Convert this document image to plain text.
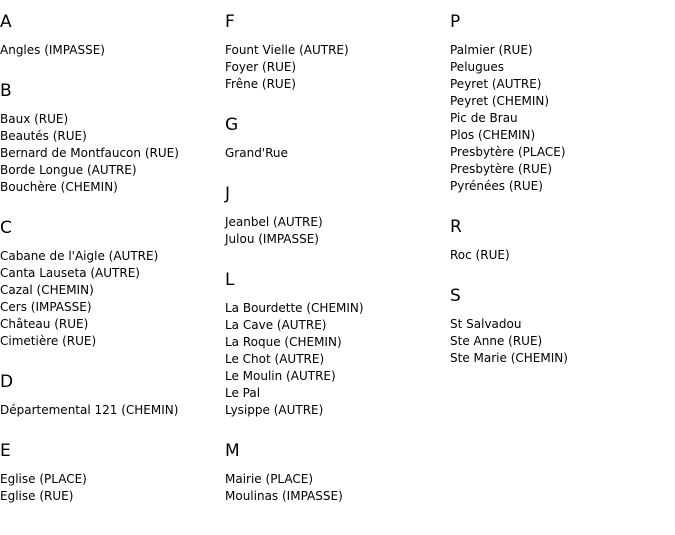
A
Angles (IMPASSE)
B
Baux (RUE)
Beautés (RUE)
Bernard de Montfaucon (RUE)
Borde Longue (AUTRE)
Bouchère (CHEMIN)
C
Cabane de l'Aigle (AUTRE)
Canta Lauseta (AUTRE)
Cazal (CHEMIN)
Cers (IMPASSE)
Château (RUE)
Cimetière (RUE)
D
Départemental 121 (CHEMIN)
E
Eglise (PLACE)
Eglise (RUE)
F
Fount Vielle (AUTRE)
Foyer (RUE)
Frêne (RUE)
G
Grand'Rue
J
Jeanbel (AUTRE)
Julou (IMPASSE)
L
La Bourdette (CHEMIN)
La Cave (AUTRE)
La Roque (CHEMIN)
Le Chot (AUTRE)
Le Moulin (AUTRE)
Le Pal
Lysippe (AUTRE)
M
Mairie (PLACE)
Moulinas (IMPASSE)
P
Palmier (RUE)
Pelugues
Peyret (AUTRE)
Peyret (CHEMIN)
Pic de Brau
Plos (CHEMIN)
Presbytère (PLACE)
Presbytère (RUE)
Pyrénées (RUE)
R
Roc (RUE)
S
St Salvadou
Ste Anne (RUE)
Ste Marie (CHEMIN)
